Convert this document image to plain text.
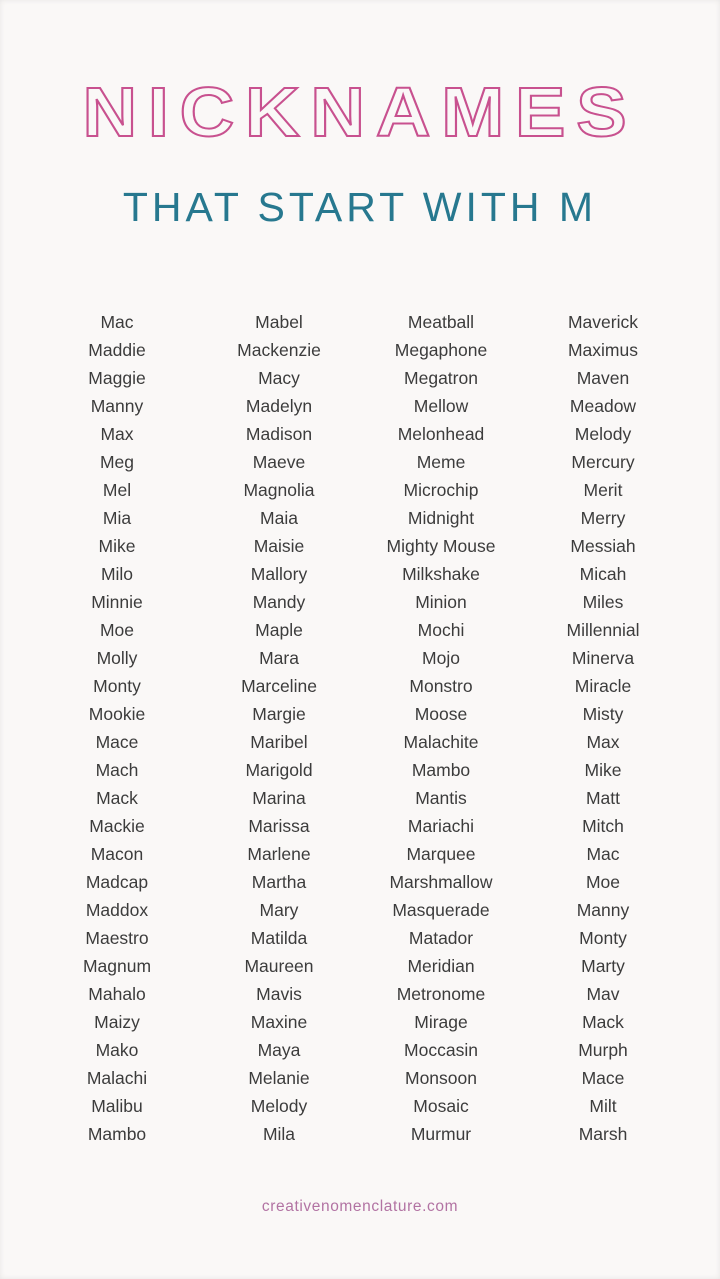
NICKNAMES
THAT START WITH M
Mac
Maddie
Maggie
Manny
Max
Meg
Mel
Mia
Mike
Milo
Minnie
Moe
Molly
Monty
Mookie
Mace
Mach
Mack
Mackie
Macon
Madcap
Maddox
Maestro
Magnum
Mahalo
Maizy
Mako
Malachi
Malibu
Mambo
Mabel
Mackenzie
Macy
Madelyn
Madison
Maeve
Magnolia
Maia
Maisie
Mallory
Mandy
Maple
Mara
Marceline
Margie
Maribel
Marigold
Marina
Marissa
Marlene
Martha
Mary
Matilda
Maureen
Mavis
Maxine
Maya
Melanie
Melody
Mila
Meatball
Megaphone
Megatron
Mellow
Melonhead
Meme
Microchip
Midnight
Mighty Mouse
Milkshake
Minion
Mochi
Mojo
Monstro
Moose
Malachite
Mambo
Mantis
Mariachi
Marquee
Marshmallow
Masquerade
Matador
Meridian
Metronome
Mirage
Moccasin
Monsoon
Mosaic
Murmur
Maverick
Maximus
Maven
Meadow
Melody
Mercury
Merit
Merry
Messiah
Micah
Miles
Millennial
Minerva
Miracle
Misty
Max
Mike
Matt
Mitch
Mac
Moe
Manny
Monty
Marty
Mav
Mack
Murph
Mace
Milt
Marsh
creativenomenclature.com
